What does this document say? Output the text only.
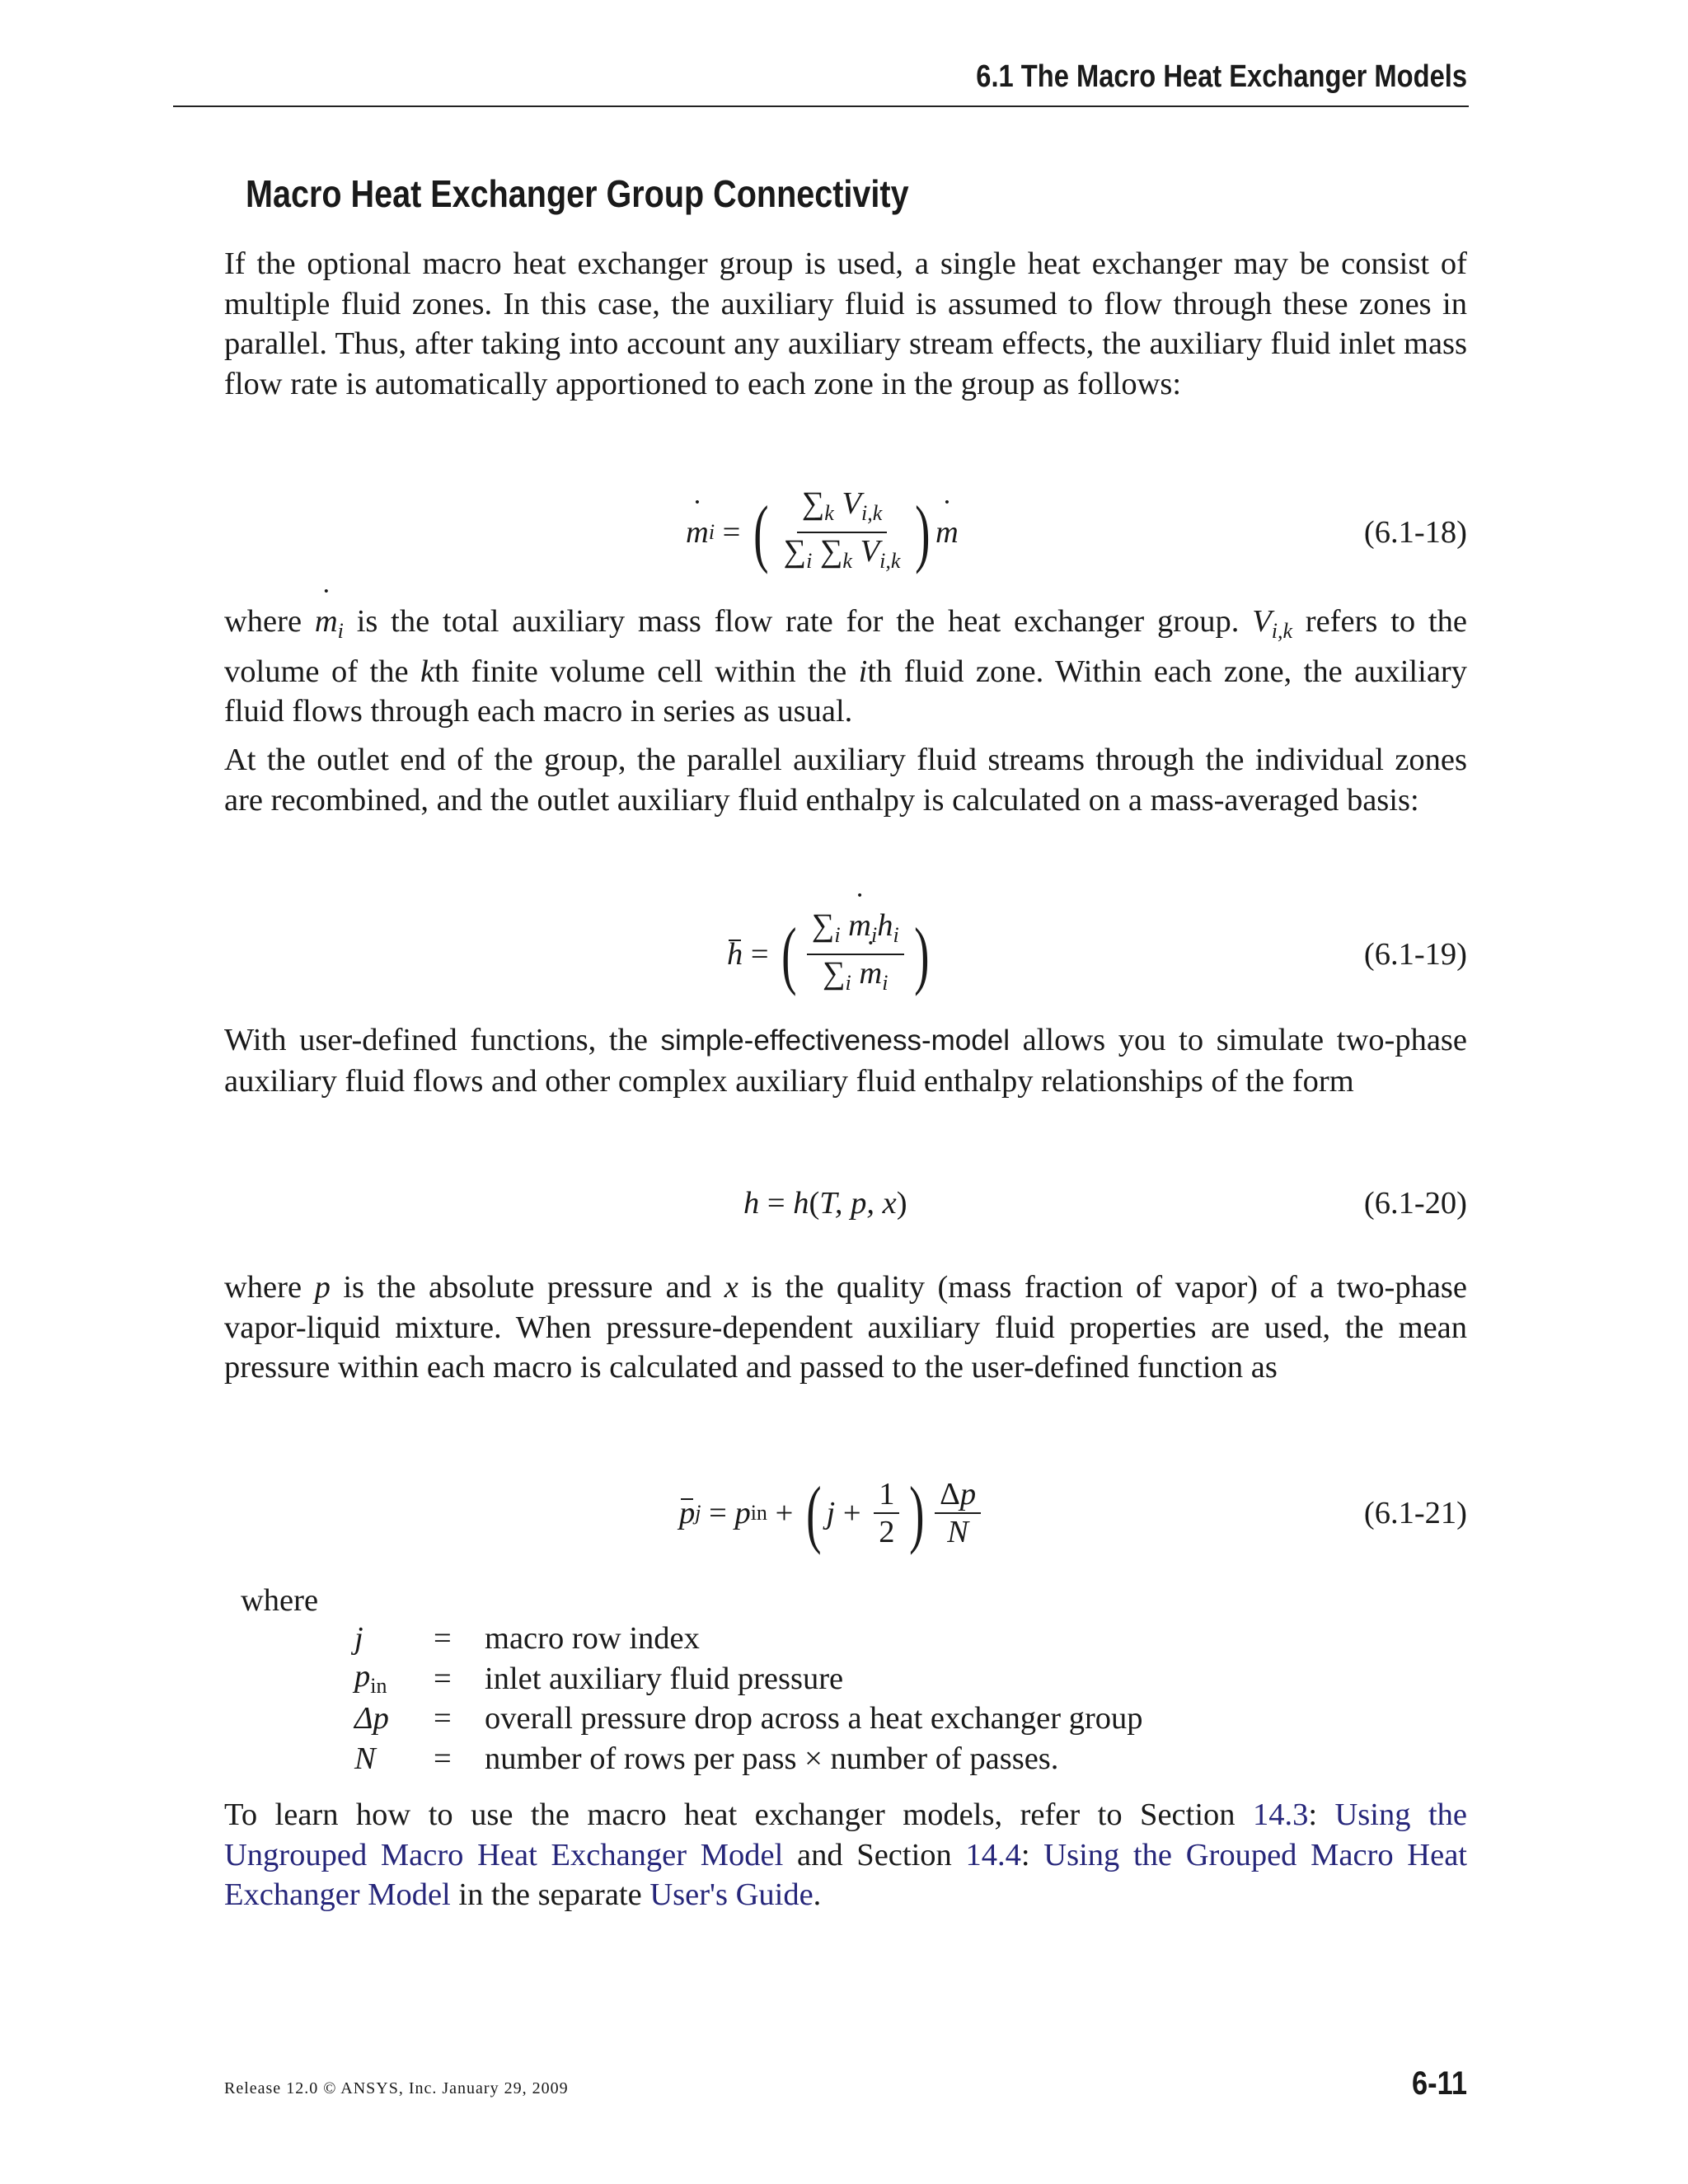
6.1 The Macro Heat Exchanger Models
Macro Heat Exchanger Group Connectivity

If the optional macro heat exchanger group is used, a single heat exchanger may be consist of multiple fluid zones. In this case, the auxiliary fluid is assumed to flow through these zones in parallel. Thus, after taking into account any auxiliary stream effects, the auxiliary fluid inlet mass flow rate is automatically apportioned to each zone in the group as follows:

m ˙ i = ( $\frac{\sum_k V_{i,k}}{\sum_i \sum_k V_{i,k}}$ ) m ˙	(6.1-18)

where m $˙_i$ is the total auxiliary mass flow rate for the heat exchanger group. $V_{i,k}$ refers to the volume of the kth finite volume cell within the ith fluid zone. Within each zone, the auxiliary fluid flows through each macro in series as usual.

At the outlet end of the group, the parallel auxiliary fluid streams through the individual zones are recombined, and the outlet auxiliary fluid enthalpy is calculated on a mass-averaged basis:

h = ( $\frac{\sum_i m ˙_ih_i}{\sum_i m ˙_i}$ )	(6.1-19)

With user-defined functions, the simple-effectiveness-model allows you to simulate two-phase auxiliary fluid flows and other complex auxiliary fluid enthalpy relationships of the form

h = h ( T, p, x )	(6.1-20)

where p is the absolute pressure and x is the quality (mass fraction of vapor) of a two-phase vapor-liquid mixture. When pressure-dependent auxiliary fluid properties are used, the mean pressure within each macro is calculated and passed to the user-defined function as

p j = p in + ( $j + \frac{1}{2}$ ) $\frac{\Delta p}{N}$	(6.1-21)
where
j	=	macro row index
$p_{in}$	=	inlet auxiliary fluid pressure
Δp	=	overall pressure drop across a heat exchanger group
N	=	number of rows per pass × number of passes.

To learn how to use the macro heat exchanger models, refer to Section 14.3: Using the Ungrouped Macro Heat Exchanger Model and Section 14.4: Using the Grouped Macro Heat Exchanger Model in the separate User's Guide.

Release 12.0 © ANSYS, Inc. January 29, 2009	6-11
